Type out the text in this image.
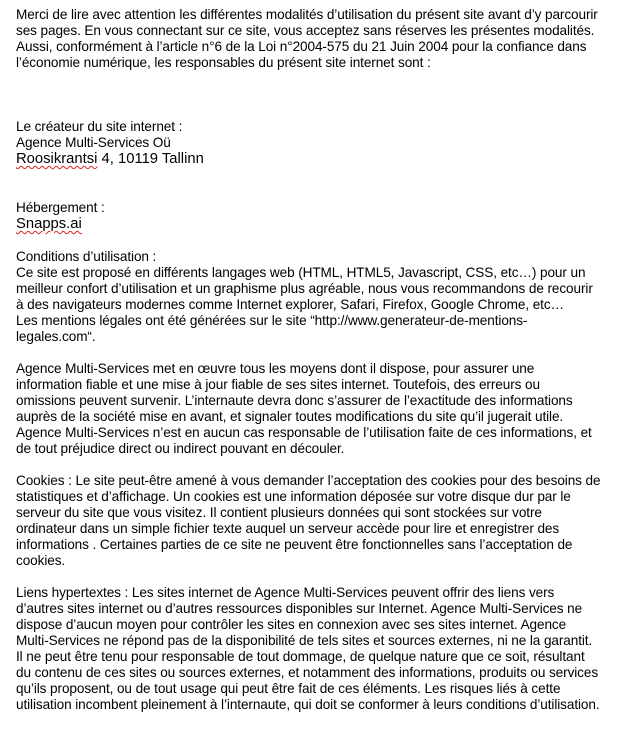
Merci de lire avec attention les différentes modalités d’utilisation du présent site avant d’y parcourir
ses pages. En vous connectant sur ce site, vous acceptez sans réserves les présentes modalités.
Aussi, conformément à l’article n°6 de la Loi n°2004-575 du 21 Juin 2004 pour la confiance dans
l’économie numérique, les responsables du présent site internet sont :
Le créateur du site internet :
Agence Multi-Services Oü
Roosikrantsi 4, 10119 Tallinn
Hébergement :
Snapps.ai
Conditions d’utilisation :
Ce site est proposé en différents langages web (HTML, HTML5, Javascript, CSS, etc…) pour un
meilleur confort d’utilisation et un graphisme plus agréable, nous vous recommandons de recourir
à des navigateurs modernes comme Internet explorer, Safari, Firefox, Google Chrome, etc…
Les mentions légales ont été générées sur le site “http://www.generateur-de-mentions-
legales.com“.
Agence Multi-Services met en œuvre tous les moyens dont il dispose, pour assurer une
information fiable et une mise à jour fiable de ses sites internet. Toutefois, des erreurs ou
omissions peuvent survenir. L’internaute devra donc s’assurer de l’exactitude des informations
auprès de la société mise en avant, et signaler toutes modifications du site qu’il jugerait utile.
Agence Multi-Services n’est en aucun cas responsable de l’utilisation faite de ces informations, et
de tout préjudice direct ou indirect pouvant en découler.
Cookies : Le site peut-être amené à vous demander l’acceptation des cookies pour des besoins de
statistiques et d’affichage. Un cookies est une information déposée sur votre disque dur par le
serveur du site que vous visitez. Il contient plusieurs données qui sont stockées sur votre
ordinateur dans un simple fichier texte auquel un serveur accède pour lire et enregistrer des
informations . Certaines parties de ce site ne peuvent être fonctionnelles sans l’acceptation de
cookies.
Liens hypertextes : Les sites internet de Agence Multi-Services peuvent offrir des liens vers
d’autres sites internet ou d’autres ressources disponibles sur Internet. Agence Multi-Services ne
dispose d’aucun moyen pour contrôler les sites en connexion avec ses sites internet. Agence
Multi-Services ne répond pas de la disponibilité de tels sites et sources externes, ni ne la garantit.
Il ne peut être tenu pour responsable de tout dommage, de quelque nature que ce soit, résultant
du contenu de ces sites ou sources externes, et notamment des informations, produits ou services
qu’ils proposent, ou de tout usage qui peut être fait de ces éléments. Les risques liés à cette
utilisation incombent pleinement à l’internaute, qui doit se conformer à leurs conditions d’utilisation.
